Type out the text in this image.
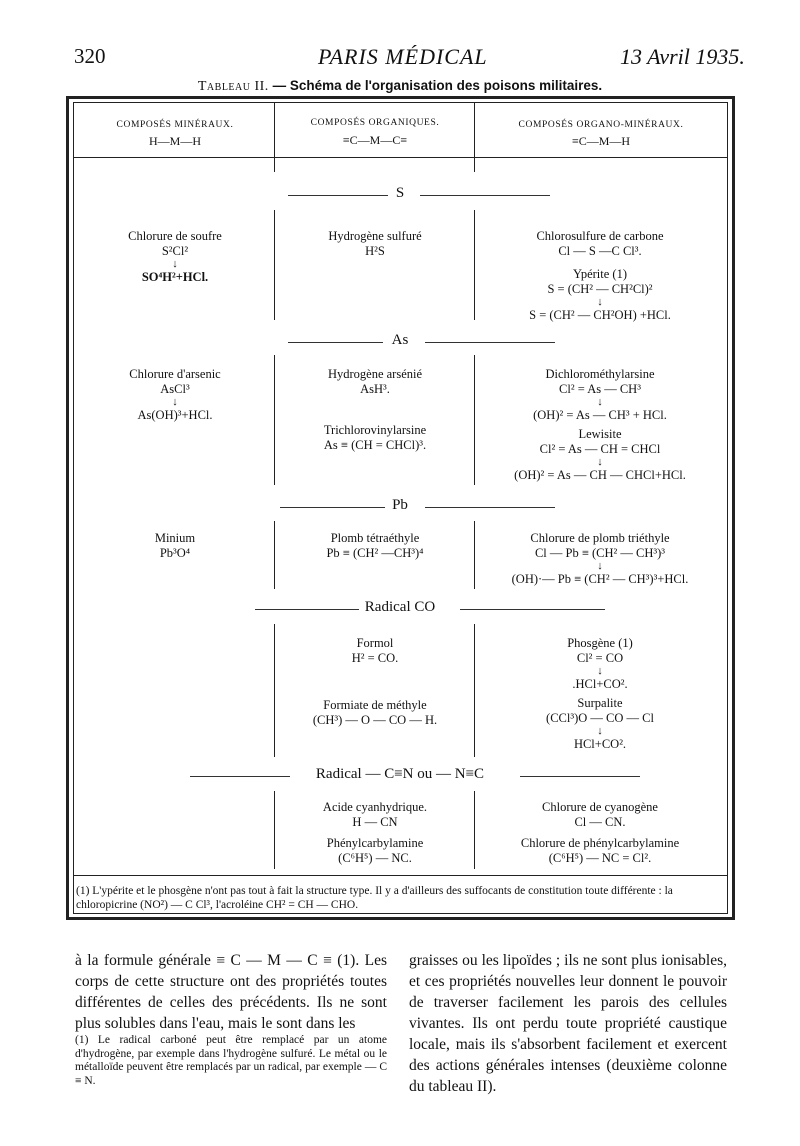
320	PARIS MÉDICAL	13 Avril 1935.
Tableau II. — Schéma de l'organisation des poisons militaires.
COMPOSÉS MINÉRAUX.
H—M—H
COMPOSÉS ORGANIQUES.
≡C—M—C≡
COMPOSÉS ORGANO-MINÉRAUX.
≡C—M—H
S
Chlorure de soufre
S²Cl²
↓
SO⁴H²+HCl.
Hydrogène sulfuré
H²S
Chlorosulfure de carbone
Cl — S —C Cl³.
Ypérite (1)
S = (CH² — CH²Cl)²
↓
S = (CH² — CH²OH) +HCl.
As
Chlorure d'arsenic
AsCl³
↓
As(OH)³+HCl.
Hydrogène arsénié
AsH³.
Trichlorovinylarsine
As ≡ (CH = CHCl)³.
Dichlorométhylarsine
Cl² = As — CH³
↓
(OH)² = As — CH³ + HCl.
Lewisite
Cl² = As — CH = CHCl
↓
(OH)² = As — CH — CHCl+HCl.
Pb
Minium
Pb³O⁴
Plomb tétraéthyle
Pb ≡ (CH² —CH³)⁴
Chlorure de plomb triéthyle
Cl — Pb ≡ (CH² — CH³)³
↓
(OH)·— Pb ≡ (CH² — CH³)³+HCl.
Radical CO
Formol
H² = CO.
Formiate de méthyle
(CH³) — O — CO — H.
Phosgène (1)
Cl² = CO
↓
.HCl+CO².
Surpalite
(CCl³)O — CO — Cl
↓
HCl+CO².
Radical — C≡N ou — N≡C
Acide cyanhydrique.
H — CN
Phénylcarbylamine
(C⁶H⁵) — NC.
Chlorure de cyanogène
Cl — CN.
Chlorure de phénylcarbylamine
(C⁶H⁵) — NC = Cl².
(1) L'ypérite et le phosgène n'ont pas tout à fait la structure type. Il y a d'ailleurs des suffocants de constitution toute différente : la chloropicrine (NO²) — C Cl³, l'acroléine CH² = CH — CHO.
à la formule générale ≡ C — M — C ≡ (1). Les corps de cette structure ont des propriétés toutes différentes de celles des précédents. Ils ne sont plus solubles dans l'eau, mais le sont dans les
(1) Le radical carboné peut être remplacé par un atome d'hydrogène, par exemple dans l'hydrogène sulfuré. Le métal ou le métalloïde peuvent être remplacés par un radical, par exemple — C ≡ N.
graisses ou les lipoïdes ; ils ne sont plus ionisables, et ces propriétés nouvelles leur donnent le pouvoir de traverser facilement les parois des cellules vivantes. Ils ont perdu toute propriété caustique locale, mais ils s'absorbent facilement et exercent des actions générales intenses (deuxième colonne du tableau II).
